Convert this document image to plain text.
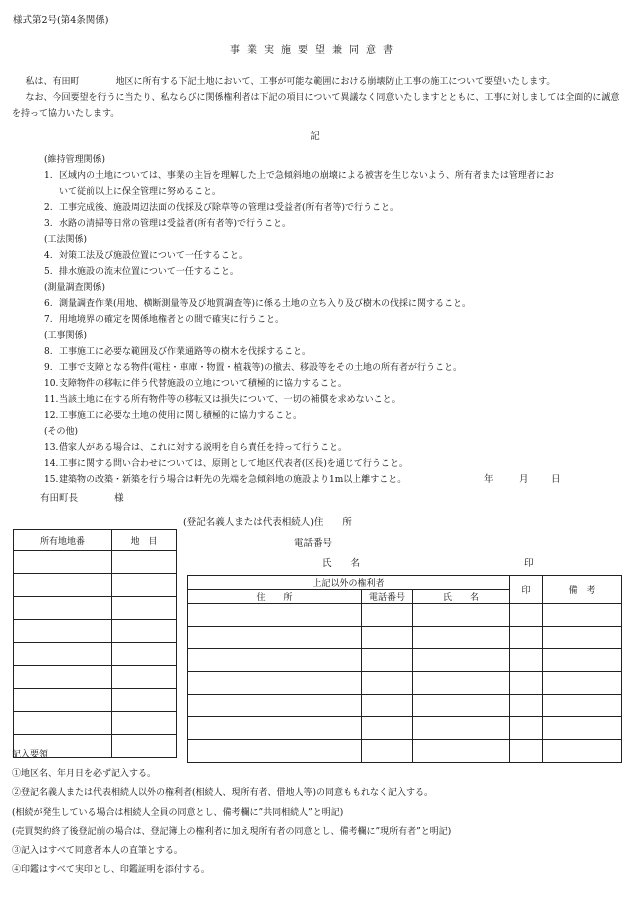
様式第2号(第4条関係)
事業実施要望兼同意書

私は、有田町　　　　地区に所有する下記土地において、工事が可能な範囲における崩壊防止工事の施工について要望いたします。

なお、今回要望を行うに当たり、私ならびに関係権利者は下記の項目について異議なく同意いたしますとともに、工事に対しましては全面的に誠意を持って協力いたします。

記
(維持管理関係)
1. 区域内の土地については、事業の主旨を理解した上で急傾斜地の崩壊による被害を生じないよう、所有者または管理者にお
いて従前以上に保全管理に努めること。
2. 工事完成後、施設周辺法面の伐採及び除草等の管理は受益者(所有者等)で行うこと。
3. 水路の清掃等日常の管理は受益者(所有者等)で行うこと。
(工法関係)
4. 対策工法及び施設位置について一任すること。
5. 排水施設の流末位置について一任すること。
(測量調査関係)
6. 測量調査作業(用地、横断測量等及び地質調査等)に係る土地の立ち入り及び樹木の伐採に関すること。
7. 用地境界の確定を関係地権者との間で確実に行うこと。
(工事関係)
8. 工事施工に必要な範囲及び作業通路等の樹木を伐採すること。
9. 工事で支障となる物件(電柱・車庫・物置・植栽等)の撤去、移設等をその土地の所有者が行うこと。
10. 支障物件の移転に伴う代替施設の立地について積極的に協力すること。
11. 当該土地に在する所有物件等の移転又は損失について、一切の補償を求めないこと。
12. 工事施工に必要な土地の使用に関し積極的に協力すること。
(その他)
13. 借家人がある場合は、これに対する説明を自ら責任を持って行うこと。
14. 工事に関する問い合わせについては、原則として地区代表者(区長)を通じて行うこと。
15. 建築物の改築・新築を行う場合は軒先の先端を急傾斜地の施設より1m以上離すこと。	年	月 日
有田町長	様
(登記名義人または代表相続人)住　　所
電話番号
氏　　名	印
所有地地番	地　目

上記以外の権利者			印	備　考
住　　所	電話番号	氏　　名		

記入要領
①地区名、年月日を必ず記入する。
②登記名義人または代表相続人以外の権利者(相続人、現所有者、借地人等)の同意ももれなく記入する。
(相続が発生している場合は相続人全員の同意とし、備考欄に”共同相続人”と明記)
(売買契約終了後登記前の場合は、登記簿上の権利者に加え現所有者の同意とし、備考欄に”現所有者”と明記)
③記入はすべて同意者本人の直筆とする。
④印鑑はすべて実印とし、印鑑証明を添付する。
